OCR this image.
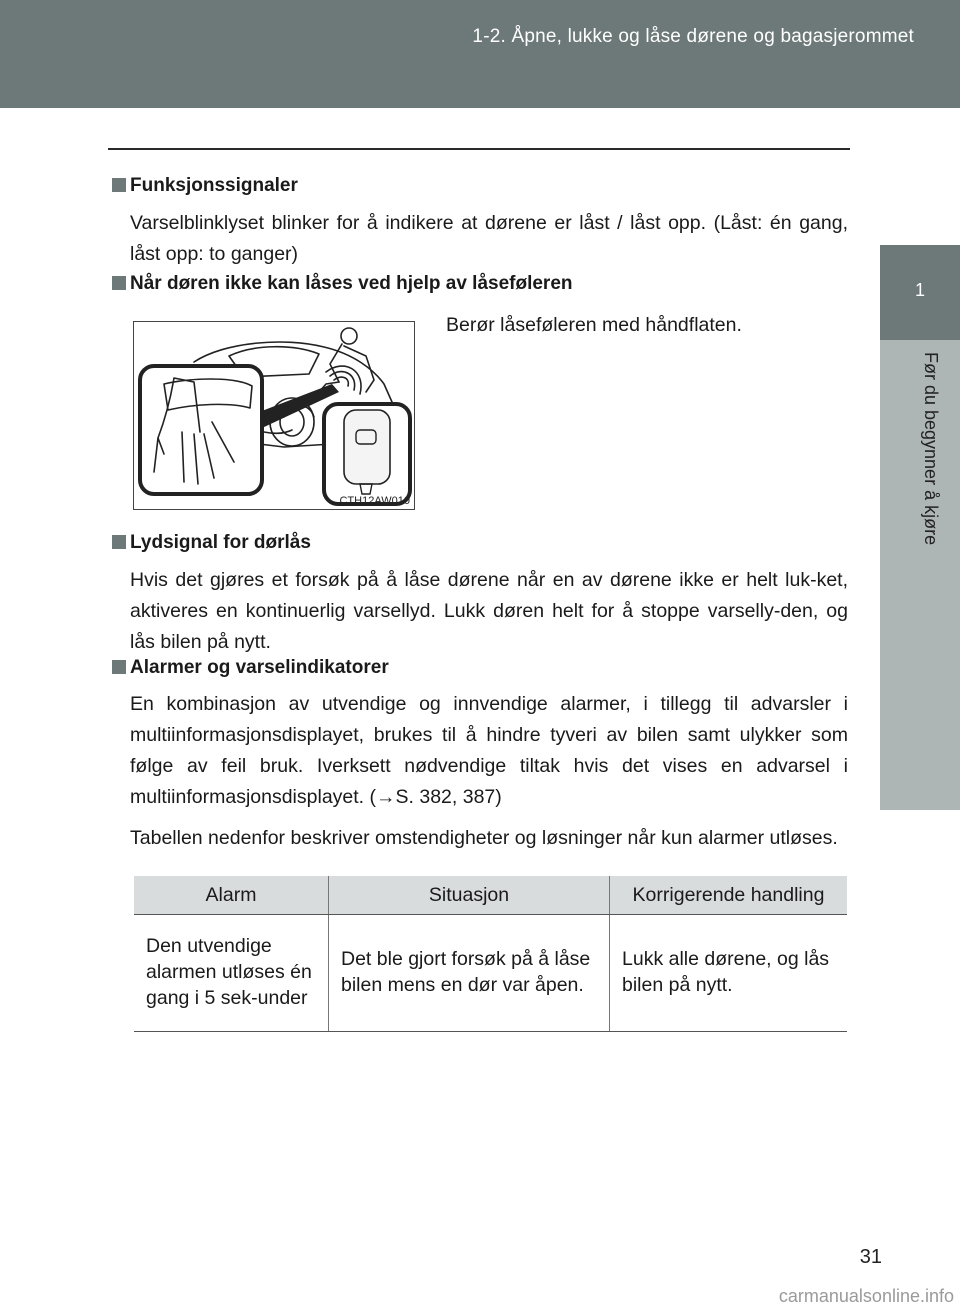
1-2. Åpne, lukke og låse dørene og bagasjerommet
1
Før du begynner å kjøre
Funksjonssignaler
Varselblinklyset blinker for å indikere at dørene er låst / låst opp. (Låst: én gang, låst opp: to ganger)
Når døren ikke kan låses ved hjelp av låseføleren
CTH12AW010
Berør låseføleren med håndflaten.
Lydsignal for dørlås
Hvis det gjøres et forsøk på å låse dørene når en av dørene ikke er helt luk-ket, aktiveres en kontinuerlig varsellyd. Lukk døren helt for å stoppe varselly-den, og lås bilen på nytt.
Alarmer og varselindikatorer
En kombinasjon av utvendige og innvendige alarmer, i tillegg til advarsler i multiinformasjonsdisplayet, brukes til å hindre tyveri av bilen samt ulykker som følge av feil bruk. Iverksett nødvendige tiltak hvis det vises en advarsel i multiinformasjonsdisplayet. (→S. 382, 387)
Tabellen nedenfor beskriver omstendigheter og løsninger når kun alarmer utløses.
Alarm	Situasjon	Korrigerende handling
Den utvendige alarmen utløses én gang i 5 sek-under	Det ble gjort forsøk på å låse bilen mens en dør var åpen.	Lukk alle dørene, og lås bilen på nytt.
31
carmanualsonline.info
